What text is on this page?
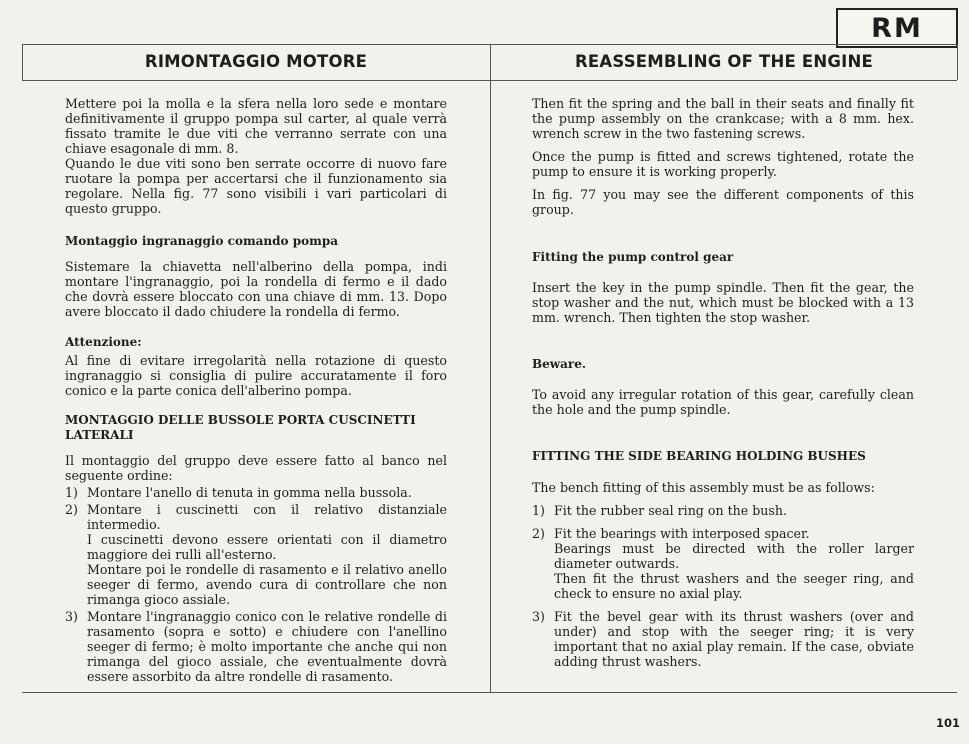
RM
RIMONTAGGIO MOTORE	REASSEMBLING OF THE ENGINE

Mettere poi la molla e la sfera nella loro sede e montare definitivamente il gruppo pompa sul carter, al quale verrà fissato tramite le due viti che verranno serrate con una chiave esagonale di mm. 8.

Quando le due viti sono ben serrate occorre di nuovo fare ruotare la pompa per accertarsi che il funzionamento sia regolare. Nella fig. 77 sono visibili i vari particolari di questo gruppo.

Montaggio ingranaggio comando pompa

Sistemare la chiavetta nell'alberino della pompa, indi montare l'ingranaggio, poi la rondella di fermo e il dado che dovrà essere bloccato con una chiave di mm. 13. Dopo avere bloccato il dado chiudere la rondella di fermo.

Attenzione:

Al fine di evitare irregolarità nella rotazione di questo ingranaggio si consiglia di pulire accuratamente il foro conico e la parte conica dell'alberino pompa.

MONTAGGIO DELLE BUSSOLE PORTA CUSCINETTI LATERALI

Il montaggio del gruppo deve essere fatto al banco nel seguente ordine:

1) Montare l'anello di tenuta in gomma nella bussola.
2) Montare i cuscinetti con il relativo distanziale intermedio.
I cuscinetti devono essere orientati con il diametro maggiore dei rulli all'esterno.
Montare poi le rondelle di rasamento e il relativo anello seeger di fermo, avendo cura di controllare che non rimanga gioco assiale.
3) Montare l'ingranaggio conico con le relative rondelle di rasamento (sopra e sotto) e chiudere con l'anellino seeger di fermo; è molto importante che anche qui non rimanga del gioco assiale, che eventualmente dovrà essere assorbito da altre rondelle di rasamento.

Then fit the spring and the ball in their seats and finally fit the pump assembly on the crankcase; with a 8 mm. hex. wrench screw in the two fastening screws.

Once the pump is fitted and screws tightened, rotate the pump to ensure it is working properly.

In fig. 77 you may see the different components of this group.

Fitting the pump control gear

Insert the key in the pump spindle. Then fit the gear, the stop washer and the nut, which must be blocked with a 13 mm. wrench. Then tighten the stop washer.

Beware.

To avoid any irregular rotation of this gear, carefully clean the hole and the pump spindle.

FITTING THE SIDE BEARING HOLDING BUSHES

The bench fitting of this assembly must be as follows:

1) Fit the rubber seal ring on the bush.
2) Fit the bearings with interposed spacer.
Bearings must be directed with the roller larger diameter outwards.
Then fit the thrust washers and the seeger ring, and check to ensure no axial play.
3) Fit the bevel gear with its thrust washers (over and under) and stop with the seeger ring; it is very important that no axial play remain. If the case, obviate adding thrust washers.
101
